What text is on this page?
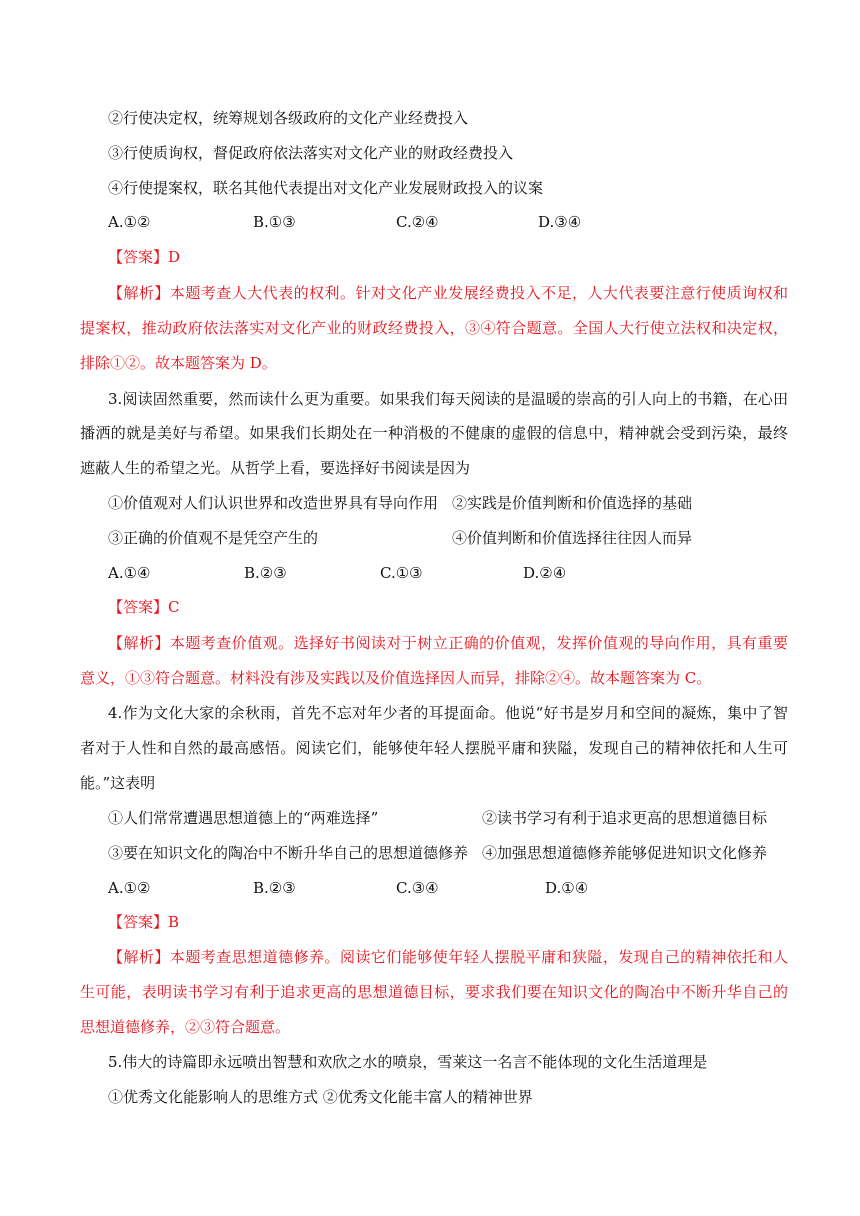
②行使决定权，统筹规划各级政府的文化产业经费投入
③行使质询权，督促政府依法落实对文化产业的财政经费投入
④行使提案权，联名其他代表提出对文化产业发展财政投入的议案
A.①②	B.①③	C.②④	D.③④
【答案】D
【解析】本题考查人大代表的权利。针对文化产业发展经费投入不足，人大代表要注意行使质询权和
提案权，推动政府依法落实对文化产业的财政经费投入，③④符合题意。全国人大行使立法权和决定权，
排除①②。故本题答案为 D。
3.阅读固然重要，然而读什么更为重要。如果我们每天阅读的是温暖的崇高的引人向上的书籍，在心田
播洒的就是美好与希望。如果我们长期处在一种消极的不健康的虚假的信息中，精神就会受到污染，最终
遮蔽人生的希望之光。从哲学上看，要选择好书阅读是因为
①价值观对人们认识世界和改造世界具有导向作用 ②实践是价值判断和价值选择的基础
③正确的价值观不是凭空产生的	④价值判断和价值选择往往因人而异
A.①④	B.②③	C.①③	D.②④
【答案】C
【解析】本题考查价值观。选择好书阅读对于树立正确的价值观，发挥价值观的导向作用，具有重要
意义，①③符合题意。材料没有涉及实践以及价值选择因人而异，排除②④。故本题答案为 C。
4.作为文化大家的余秋雨，首先不忘对年少者的耳提面命。他说“好书是岁月和空间的凝炼，集中了智
者对于人性和自然的最高感悟。阅读它们，能够使年轻人摆脱平庸和狭隘，发现自己的精神依托和人生可
能。”这表明
①人们常常遭遇思想道德上的“两难选择”	②读书学习有利于追求更高的思想道德目标
③要在知识文化的陶冶中不断升华自己的思想道德修养 ④加强思想道德修养能够促进知识文化修养
A.①②	B.②③	C.③④	D.①④
【答案】B
【解析】本题考查思想道德修养。阅读它们能够使年轻人摆脱平庸和狭隘，发现自己的精神依托和人
生可能，表明读书学习有利于追求更高的思想道德目标，要求我们要在知识文化的陶冶中不断升华自己的
思想道德修养，②③符合题意。
5.伟大的诗篇即永远喷出智慧和欢欣之水的喷泉，雪莱这一名言不能体现的文化生活道理是
①优秀文化能影响人的思维方式 ②优秀文化能丰富人的精神世界
